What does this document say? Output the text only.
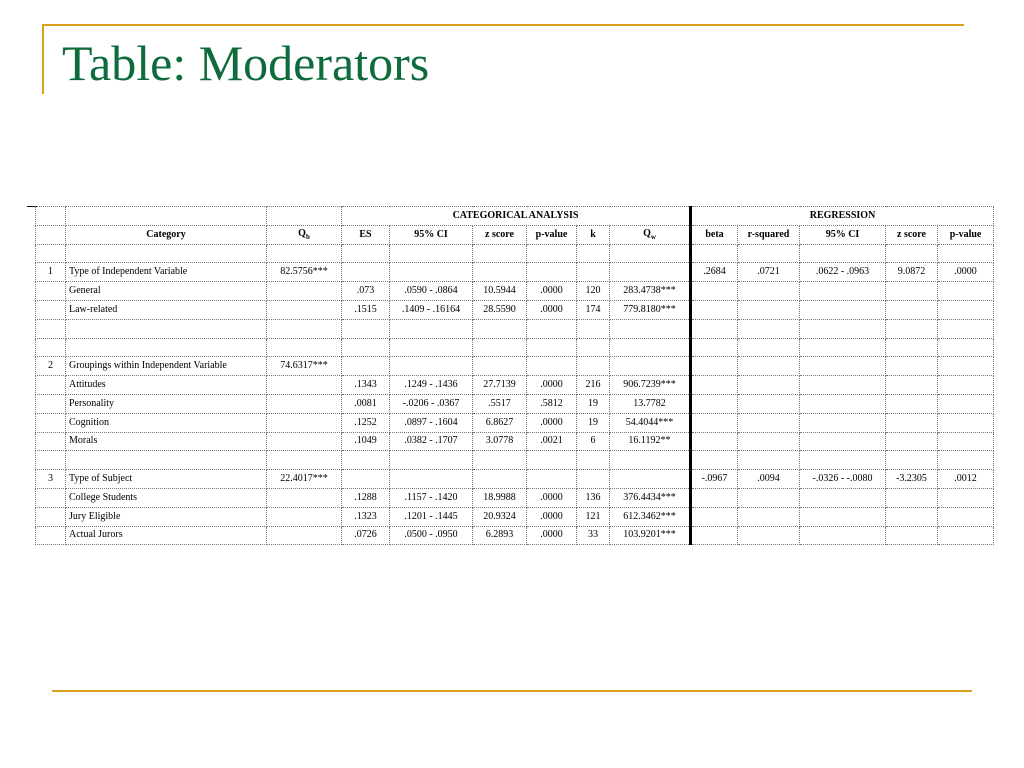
Table: Moderators
			CATEGORICAL ANALYSIS						REGRESSION				
	Category	$Q_b$	ES	95% CI	z score	p-value	k	$Q_w$	beta	r-squared	95% CI	z score	p-value

1	Type of Independent Variable	82.5756***							.2684	.0721	.0622 - .0963	9.0872	.0000
	General		.073	.0590 - .0864	10.5944	.0000	120	283.4738***					
	Law-related		.1515	.1409 - .16164	28.5590	.0000	174	779.8180***					

2	Groupings within Independent Variable	74.6317***											
	Attitudes		.1343	.1249 - .1436	27.7139	.0000	216	906.7239***					
	Personality		.0081	-.0206 - .0367	.5517	.5812	19	13.7782					
	Cognition		.1252	.0897 - .1604	6.8627	.0000	19	54.4044***					
	Morals		.1049	.0382 - .1707	3.0778	.0021	6	16.1192**					

3	Type of Subject	22.4017***							-.0967	.0094	-.0326 - -.0080	-3.2305	.0012
	College Students		.1288	.1157 - .1420	18.9988	.0000	136	376.4434***					
	Jury Eligible		.1323	.1201 - .1445	20.9324	.0000	121	612.3462***					
	Actual Jurors		.0726	.0500 - .0950	6.2893	.0000	33	103.9201***					
